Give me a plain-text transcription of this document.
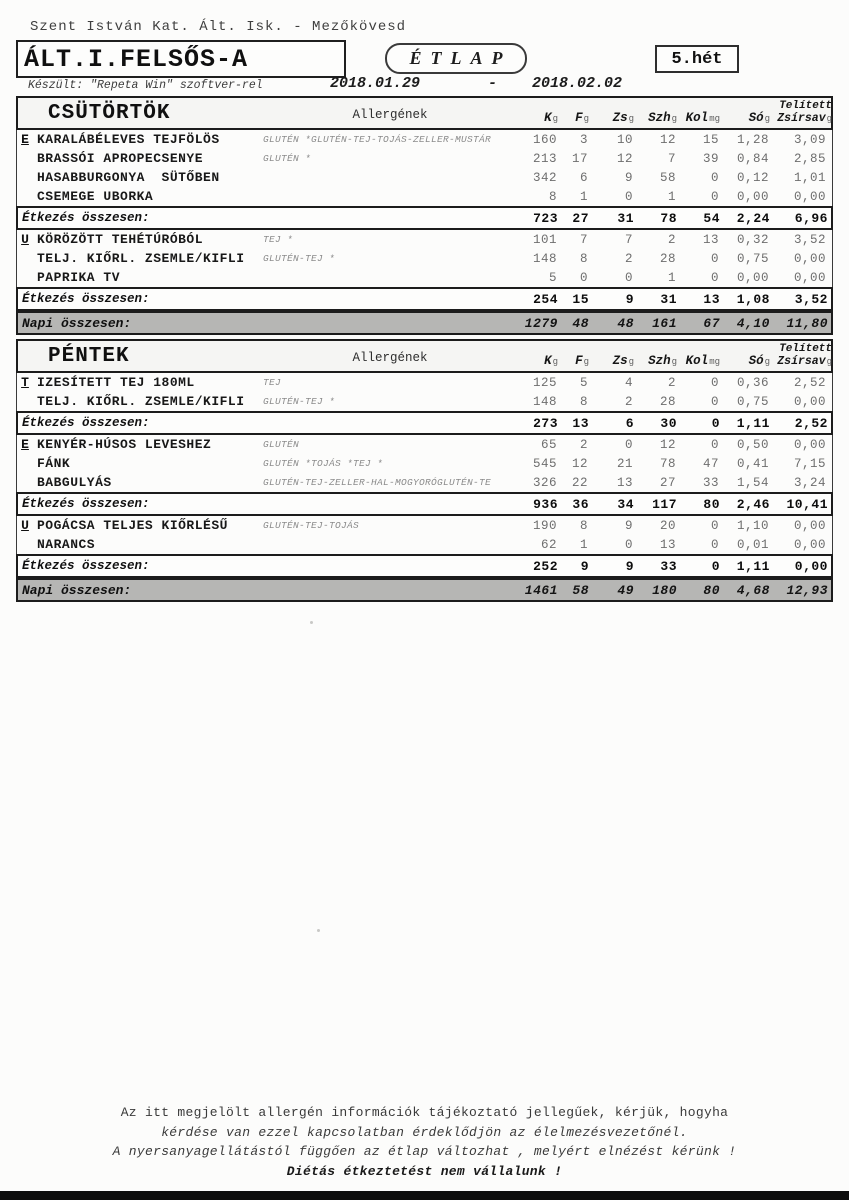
Szent István Kat. Ált. Isk. - Mezőkövesd
ÁLT.I.FELSŐS-A	ÉTLAP	5.hét
Készült: "Repeta Win" szoftver-rel	2018.01.29	- 2018.02.02
CSÜTÖRTÖK	Allergének	K g F g Zs g Szh g Kol mg Só g
Telített
Zsírsav g
E KARALÁBÉLEVES TEJFÖLÖS	GLUTÉN *GLUTÉN-TEJ-TOJÁS-ZELLER-MUSTÁR	160	3	10	12	15	1,28	3,09
BRASSÓI APROPECSENYE	GLUTÉN *	213	17	12	7	39	0,84	2,85
HASABBURGONYA  SÜTŐBEN	342	6	9	58	0	0,12	1,01
CSEMEGE UBORKA	8	1	0	1	0	0,00	0,00
Étkezés összesen:	723	27	31	78	54	2,24	6,96
U KÖRÖZÖTT TEHÉTÚRÓBÓL	TEJ *	101	7	7	2	13	0,32	3,52
TELJ. KIŐRL. ZSEMLE/KIFLI	GLUTÉN-TEJ *	148	8	2	28	0	0,75	0,00
PAPRIKA TV	5	0	0	1	0	0,00	0,00
Étkezés összesen:	254	15	9	31	13	1,08	3,52
Napi összesen:	1279	48	48	161	67	4,10	11,80
PÉNTEK	Allergének	K g F g Zs g Szh g Kol mg Só g
Telített
Zsírsav g
T IZESÍTETT TEJ 180ML	TEJ	125	5	4	2	0	0,36	2,52
TELJ. KIŐRL. ZSEMLE/KIFLI	GLUTÉN-TEJ *	148	8	2	28	0	0,75	0,00
Étkezés összesen:	273	13	6	30	0	1,11	2,52
E KENYÉR-HÚSOS LEVESHEZ	GLUTÉN	65	2	0	12	0	0,50	0,00
FÁNK	GLUTÉN *TOJÁS *TEJ *	545	12	21	78	47	0,41	7,15
BABGULYÁS	GLUTÉN-TEJ-ZELLER-HAL-MOGYORÓGLUTÉN-TE	326	22	13	27	33	1,54	3,24
Étkezés összesen:	936	36	34	117	80	2,46	10,41
U POGÁCSA TELJES KIŐRLÉSŰ	GLUTÉN-TEJ-TOJÁS	190	8	9	20	0	1,10	0,00
NARANCS	62	1	0	13	0	0,01	0,00
Étkezés összesen:	252	9	9	33	0	1,11	0,00
Napi összesen:	1461	58	49	180	80	4,68	12,93
Az itt megjelölt allergén információk tájékoztató jellegűek, kérjük, hogyha
kérdése van ezzel kapcsolatban érdeklődjön az élelmezésvezetőnél.
A nyersanyagellátástól függően az étlap változhat , melyért elnézést kérünk !
Diétás étkeztetést nem vállalunk !
